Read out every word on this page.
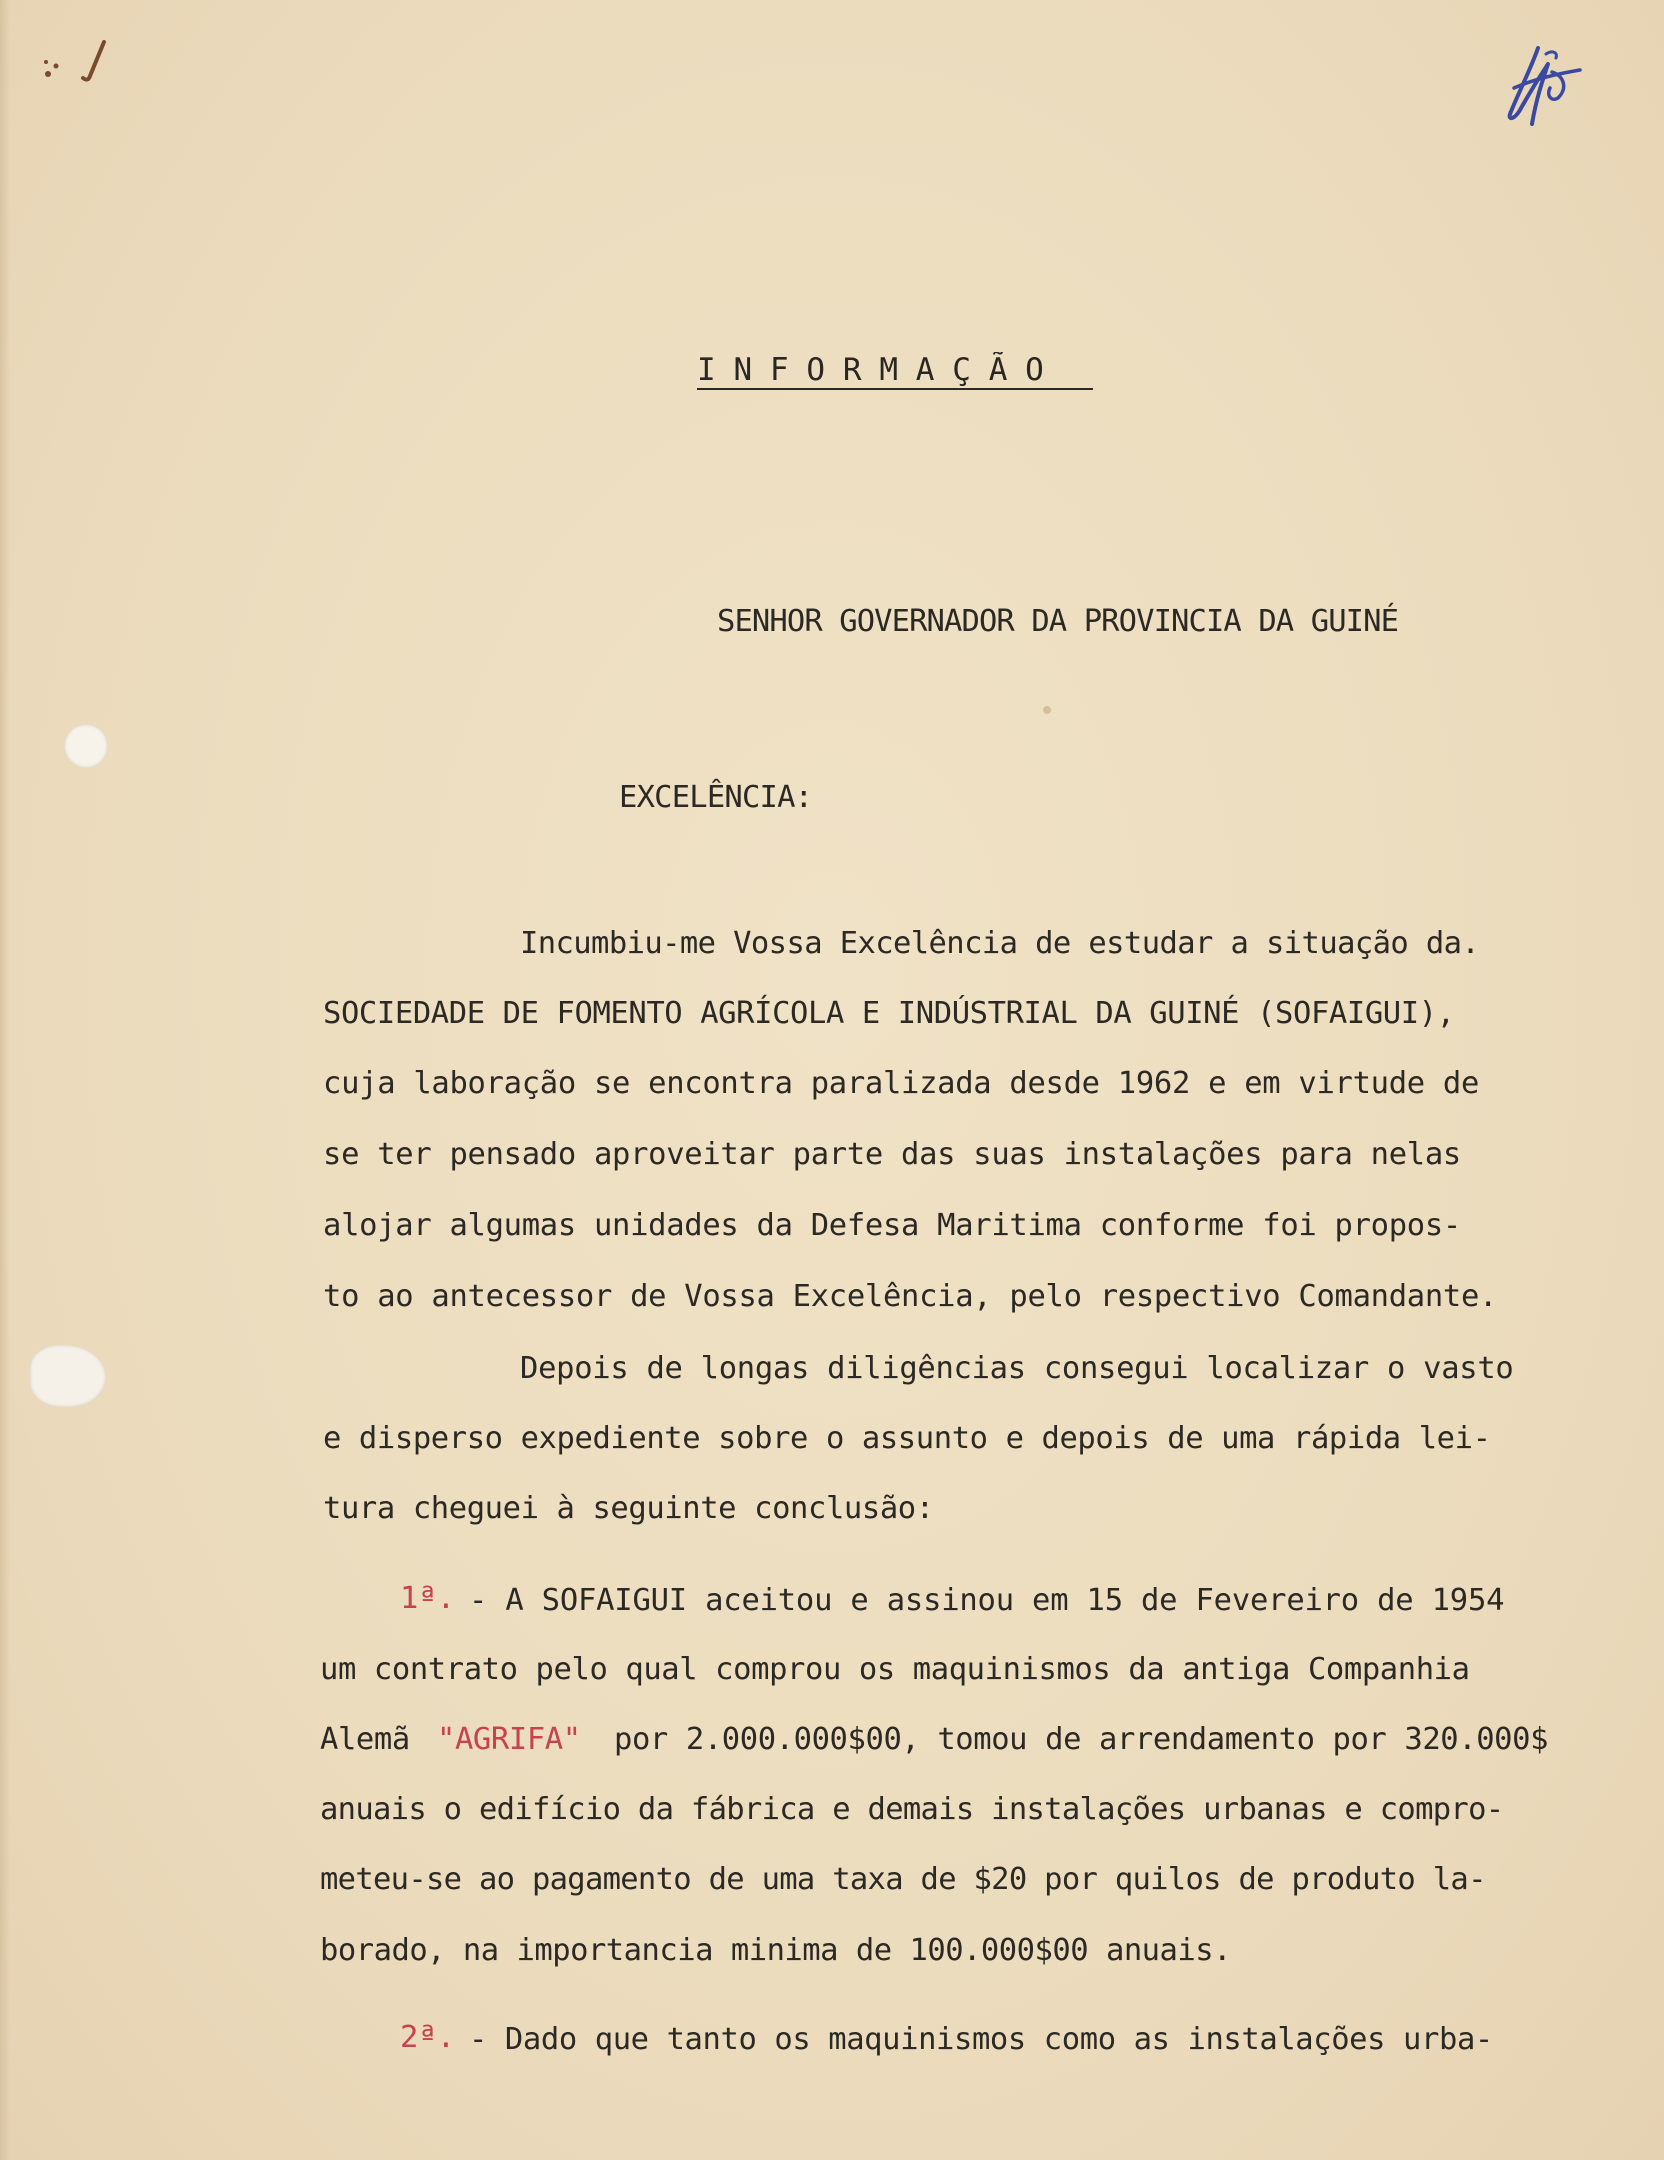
INFORMAÇÃO

SENHOR GOVERNADOR DA PROVINCIA DA GUINÉ

EXCELÊNCIA:

Incumbiu-me Vossa Excelência de estudar a situação da.

SOCIEDADE DE FOMENTO AGRÍCOLA E INDÚSTRIAL DA GUINÉ (SOFAIGUI),

cuja laboração se encontra paralizada desde 1962 e em virtude de

se ter pensado aproveitar parte das suas instalações para nelas

alojar algumas unidades da Defesa Maritima conforme foi propos-

to ao antecessor de Vossa Excelência, pelo respectivo Comandante.

Depois de longas diligências consegui localizar o vasto

e disperso expediente sobre o assunto e depois de uma rápida lei-

tura cheguei à seguinte conclusão:

1ª. - A SOFAIGUI aceitou e assinou em 15 de Fevereiro de 1954

um contrato pelo qual comprou os maquinismos da antiga Companhia

Alemã "AGRIFA" por 2.000.000$00, tomou de arrendamento por 320.000$

anuais o edifício da fábrica e demais instalações urbanas e compro-

meteu-se ao pagamento de uma taxa de $20 por quilos de produto la-

borado, na importancia minima de 100.000$00 anuais.

2ª. - Dado que tanto os maquinismos como as instalações urba-
